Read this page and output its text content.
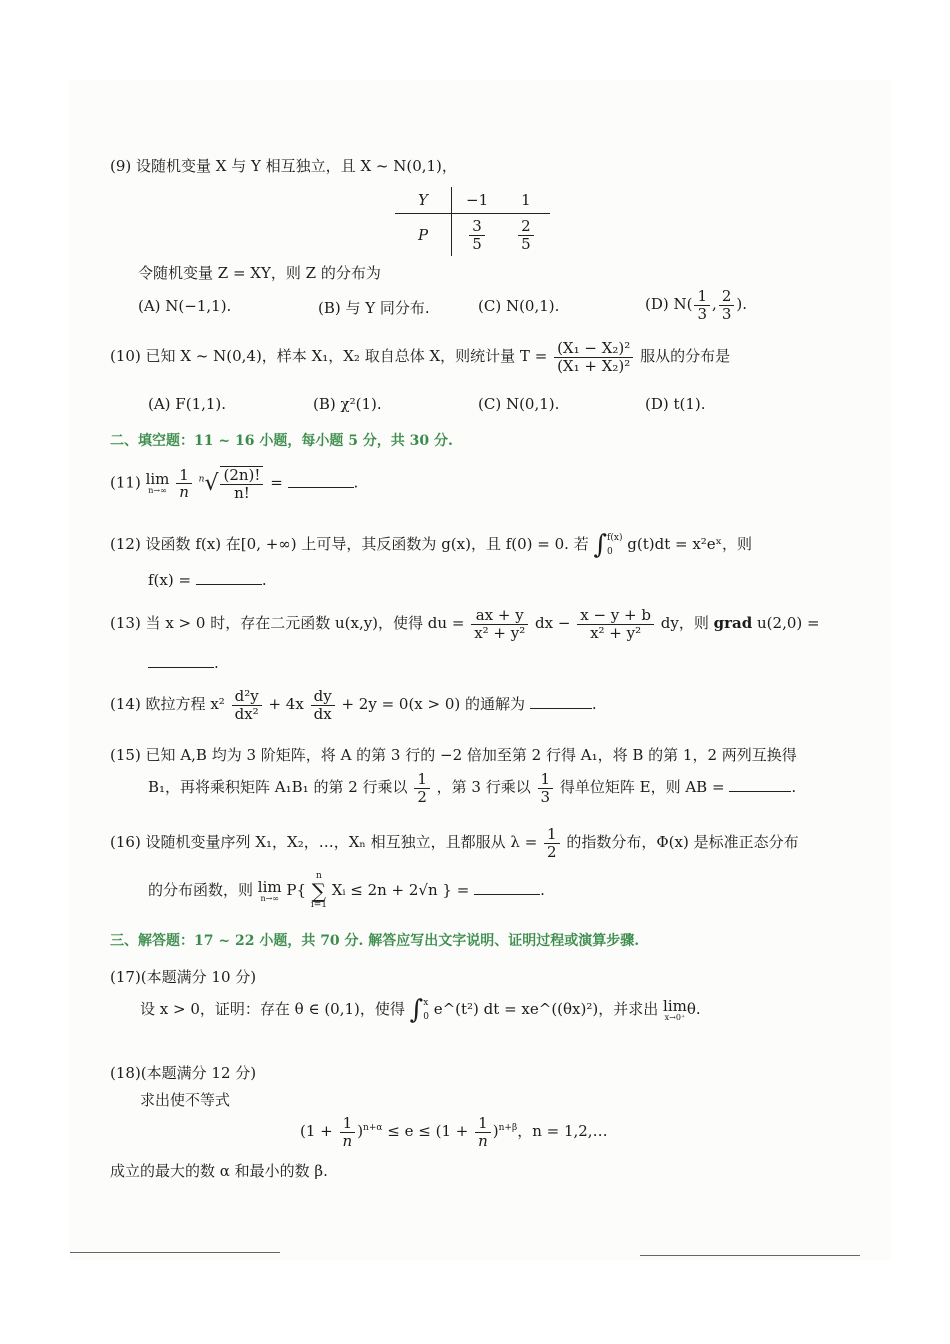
(9) 设随机变量 X 与 Y 相互独立，且 X ~ N(0,1)，
Y	−1	1
P	$\frac{3}{5}$	$\frac{2}{5}$
令随机变量 Z = XY，则 Z 的分布为
(A) N(−1,1).	(B) 与 Y 同分布.	(C) N(0,1).	(D) $N( \frac{1}{3}$ , $\frac{2}{3}$ ).
(10) 已知 X ~ N(0,4)，样本 X₁，X₂ 取自总体 X，则统计量 $T = \frac{\text{(X₁ − X₂)²}}{\text{(X₁ + X₂)²}}$ 服从的分布是
(A) F(1,1).	(B) χ²(1).	(C) N(0,1).	(D) t(1).
二、填空题：11 ~ 16 小题，每小题 5 分，共 30 分.
(11) lim
n→∞
$\frac{1}{n} ^n√ \frac{(2n)!}{n!}$ =	.
(12) 设函数 f(x) 在[0, +∞) 上可导，其反函数为 g(x)，且 f(0) = 0. 若 ∫ f(x)
0 g(t)dt = x²eˣ，则
f(x) =	.
(13) 当 x > 0 时，存在二元函数 u(x,y)，使得 du = $\frac{ax + y}{\text{x² + y²}}$ dx − $\frac{x - y + b}{\text{x² + y²}}$ dy，则 grad u(2,0) =
.
(14) 欧拉方程 $x^2 \frac{\text{d²y}}{\text{dx²}} + 4x \frac{dy}{dx} + 2y = 0(x > 0)$ 的通解为	.
(15) 已知 A,B 均为 3 阶矩阵，将 A 的第 3 行的 −2 倍加至第 2 行得 A₁，将 B 的第 1，2 两列互换得
B₁，再将乘积矩阵 A₁B₁ 的第 2 行乘以 $\frac{1}{2}$ ，第 3 行乘以 $\frac{1}{3}$ 得单位矩阵 E，则 AB =	.
(16) 设随机变量序列 X₁，X₂，…，Xₙ 相互独立，且都服从 $\lambda = \frac{1}{2}$ 的指数分布，Φ(x) 是标准正态分布
的分布函数，则 lim
n→∞ P{
n
∑
i=1
Xᵢ ≤ 2n + 2√n } =	.
三、解答题：17 ~ 22 小题，共 70 分. 解答应写出文字说明、证明过程或演算步骤.
(17)(本题满分 10 分)
设 x > 0，证明：存在 θ ∈ (0,1)，使得 ∫ x
0 e^(t²) dt = xe^((θx)²)，并求出 lim
x→0⁺ θ.
(18)(本题满分 12 分)
求出使不等式
$(1 + \frac{1}{n} )^{n+\alpha} \le e \le (1 + \frac{1}{n} )^{n+\beta}$，n = 1,2,…
成立的最大的数 α 和最小的数 β.
